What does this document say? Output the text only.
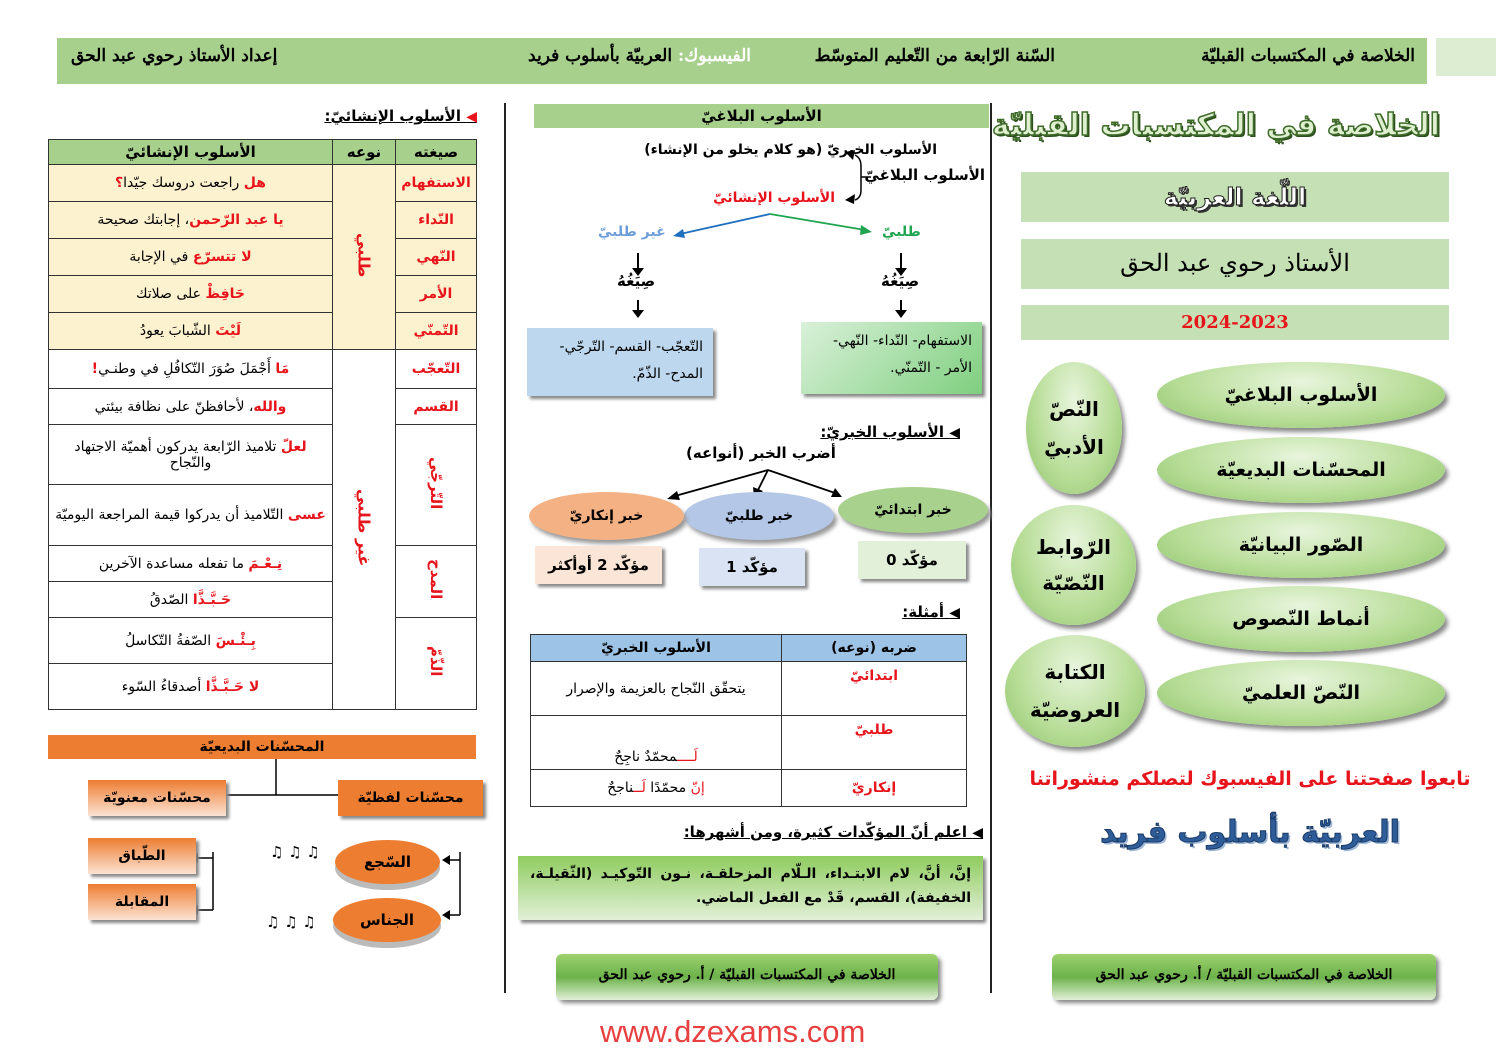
الخلاصة في المكتسبات القبليّة
السّنة الرّابعة من التّعليم المتوسّط
الفيسبوك: العربيّة بأسلوب فريد
إعداد الأستاذ رحوي عبد الحق
◀ الأسلوب الإنشائيّ:
الأسلوب الإنشائيّ	نوعه	صيغته
هل راجعت دروسك جيّدا؟	طلبي	الاستفهام
يا عبد الرّحمن، إجابتك صحيحة		النّداء
لا تتسرّع في الإجابة		النّهي
حَافِظْ على صلاتك		الأمر
لَيْتَ الشّبابَ يعودُ		التّمنّي
مَا أَجْمَلَ صُوَرَ التّكافُلِ في وطنـي!	غير طلبي	التّعجّب
والله، لأحافظنّ على نظافة بيئتي		القسم
لعلّ تلاميذ الرّابعة يدركون أهميّة الاجتهاد والنّجاح		التّرجّي
عسى التّلاميذ أن يدركوا قيمة المراجعة اليوميّة		
نِـعْـمَ ما تفعله مساعدة الآخرين		المدح
حَـبَّـذَّا الصّدقُ		
بِـئْـسَ الصّفةُ التّكاسلُ		الذّمّ
لا حَـبَّـذَّا أصدقاءُ السّوء		
المحسّنات البديعيّة
محسّنات لفظيّة
محسّنات معنويّة
السّجع
الجناس
♫ ♫ ♫
♫ ♫ ♫
الطّباق
المقابلة
الأسلوب البلاغيّ
الأسلوب الخبريّ (هو كلام يخلو من الإنشاء)
الأسلوب البلاغيّ
الأسلوب الإنشائيّ
غير طلبيّ	طلبيّ
صِيَغُهُ	صِيَغُهُ
التّعجّب- القسم- التّرجّي- المدح- الذّمّ.
الاستفهام- النّداء- النّهي- الأمر - التّمنّي.
◀ الأسلوب الخبريّ:
أضرب الخبر (أنواعه)
خبر ابتدائيّ
خبر طلبيّ
خبر إنكاريّ
مؤكّد 0
مؤكّد 1
مؤكّد 2 أوأكثر
◀ أمثلة:
الأسلوب الخبريّ	ضربه (نوعه)
يتحقّق النّجاح بالعزيمة والإصرار	ابتدائيّ
لَــــمحمّدٌ ناجِحٌ	طلبيّ
إنّ محمّدًا لَــناجحٌ	إنكاريّ
◀ اعلم أنّ المؤكّدات كثيرة، ومن أشهرها:
إنَّ، أنَّ، لام الابتـداء، الـلّام المزحلقـة، نـون التّوكيـد (الثّقيلـة، الخفيفة)، القسم، قَدْ مع الفعل الماضي.
الخلاصة في المكتسبات القبليّة / أ. رحوي عبد الحق	الخلاصة في المكتسبات القبليّة / أ. رحوي عبد الحق
www.dzexams.com
الخلاصة في المكتسبات القبليّة
اللّغة العربيّة
الأستاذ رحوي عبد الحق
2024-2023
الأسلوب البلاغيّ
المحسّنات البديعيّة
الصّور البيانيّة
أنماط النّصوص
النّصّ العلميّ
النّصّ الأدبيّ
الرّوابط النّصّيّة
الكتابة العروضيّة
تابعوا صفحتنا على الفيسبوك لتصلكم منشوراتنا
العربيّة بأسلوب فريد
